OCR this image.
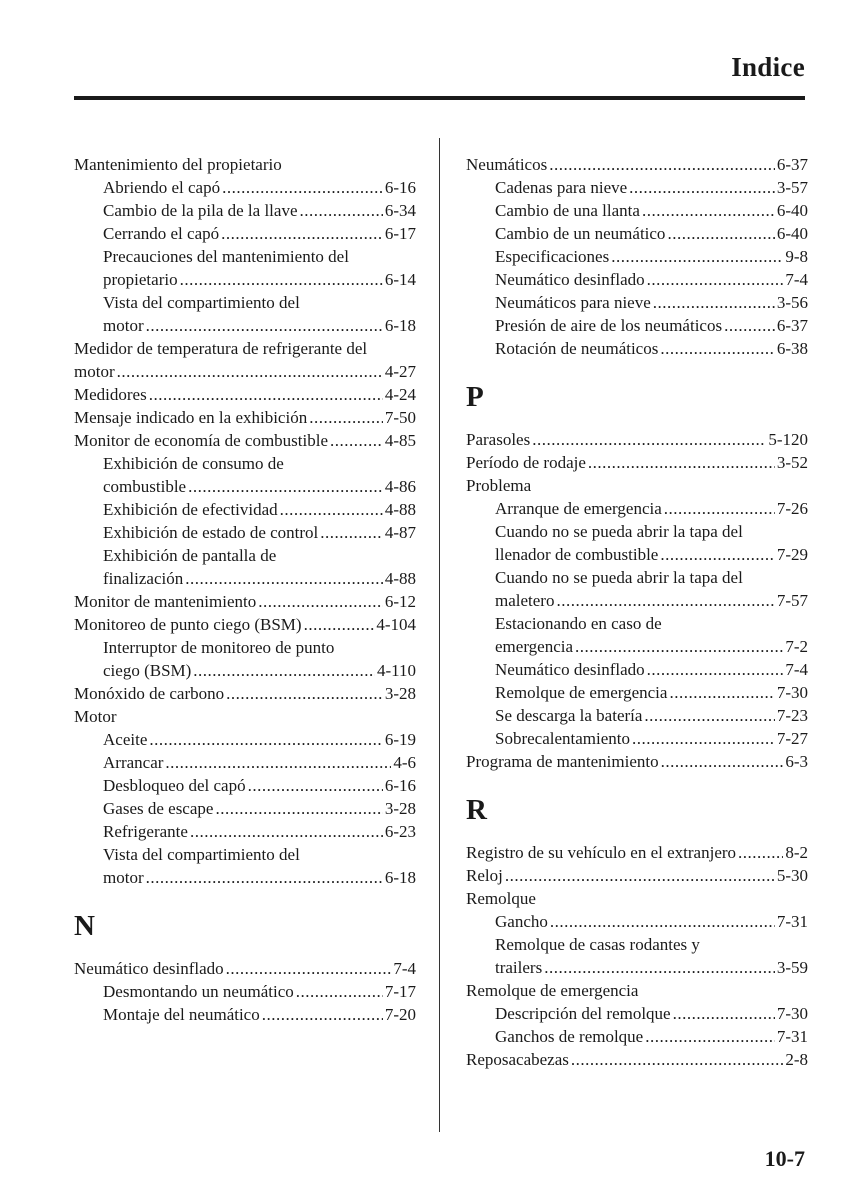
Indice
Mantenimiento del propietario
Abriendo el capó .....	6-16
Cambio de la pila de la llave .....	6-34
Cerrando el capó .....	6-17
Precauciones del mantenimiento del
propietario .....	6-14
Vista del compartimiento del
motor .....	6-18
Medidor de temperatura de refrigerante del
motor .....	4-27
Medidores .....	4-24
Mensaje indicado en la exhibición .....	7-50
Monitor de economía de combustible .....	4-85
Exhibición de consumo de
combustible .....	4-86
Exhibición de efectividad .....	4-88
Exhibición de estado de control .....	4-87
Exhibición de pantalla de
finalización .....	4-88
Monitor de mantenimiento .....	6-12
Monitoreo de punto ciego (BSM) .....	4-104
Interruptor de monitoreo de punto
ciego (BSM) .....	4-110
Monóxido de carbono .....	3-28
Motor
Aceite .....	6-19
Arrancar .....	4-6
Desbloqueo del capó .....	6-16
Gases de escape .....	3-28
Refrigerante .....	6-23
Vista del compartimiento del
motor .....	6-18
N
Neumático desinflado .....	7-4
Desmontando un neumático .....	7-17
Montaje del neumático .....	7-20
Neumáticos .....	6-37
Cadenas para nieve .....	3-57
Cambio de una llanta .....	6-40
Cambio de un neumático .....	6-40
Especificaciones .....	9-8
Neumático desinflado .....	7-4
Neumáticos para nieve .....	3-56
Presión de aire de los neumáticos .....	6-37
Rotación de neumáticos .....	6-38
P
Parasoles .....	5-120
Período de rodaje .....	3-52
Problema
Arranque de emergencia .....	7-26
Cuando no se pueda abrir la tapa del
llenador de combustible .....	7-29
Cuando no se pueda abrir la tapa del
maletero .....	7-57
Estacionando en caso de
emergencia .....	7-2
Neumático desinflado .....	7-4
Remolque de emergencia .....	7-30
Se descarga la batería .....	7-23
Sobrecalentamiento .....	7-27
Programa de mantenimiento .....	6-3
R
Registro de su vehículo en el extranjero .....	8-2
Reloj .....	5-30
Remolque
Gancho .....	7-31
Remolque de casas rodantes y
trailers .....	3-59
Remolque de emergencia
Descripción del remolque .....	7-30
Ganchos de remolque .....	7-31
Reposacabezas .....	2-8
10-7
